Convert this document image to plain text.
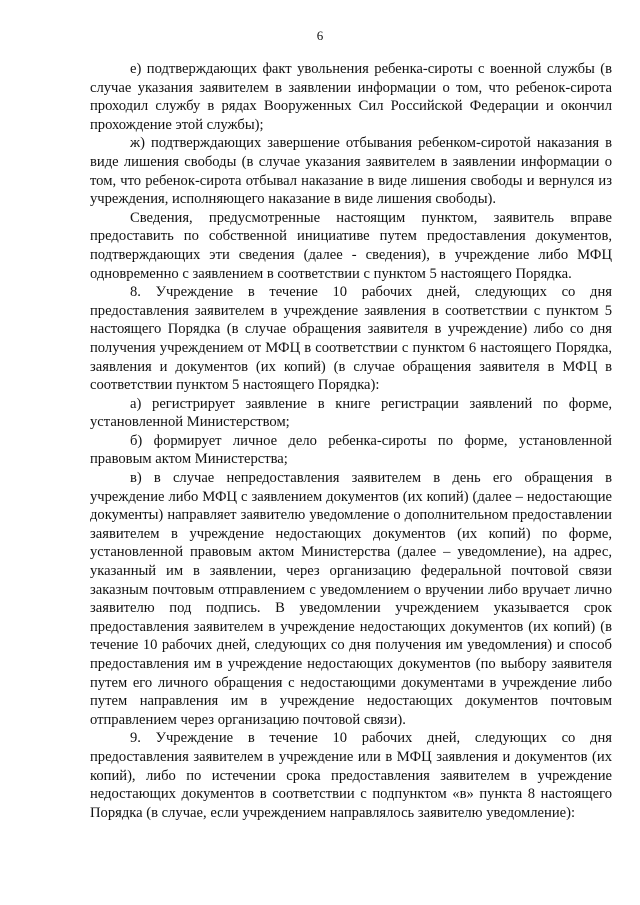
6

е) подтверждающих факт увольнения ребенка-сироты с военной службы (в случае указания заявителем в заявлении информации о том, что ребенок-сирота проходил службу в рядах Вооруженных Сил Российской Федерации и окончил прохождение этой службы);

ж) подтверждающих завершение отбывания ребенком-сиротой наказания в виде лишения свободы (в случае указания заявителем в заявлении информации о том, что ребенок-сирота отбывал наказание в виде лишения свободы и вернулся из учреждения, исполняющего наказание в виде лишения свободы).

Сведения, предусмотренные настоящим пунктом, заявитель вправе предоставить по собственной инициативе путем предоставления документов, подтверждающих эти сведения (далее - сведения), в учреждение либо МФЦ одновременно с заявлением в соответствии с пунктом 5 настоящего Порядка.

8. Учреждение в течение 10 рабочих дней, следующих со дня предоставления заявителем в учреждение заявления в соответствии с пунктом 5 настоящего Порядка (в случае обращения заявителя в учреждение) либо со дня получения учреждением от МФЦ в соответствии с пунктом 6 настоящего Порядка, заявления и документов (их копий) (в случае обращения заявителя в МФЦ в соответствии пунктом 5 настоящего Порядка):

а) регистрирует заявление в книге регистрации заявлений по форме, установленной Министерством;

б) формирует личное дело ребенка-сироты по форме, установленной правовым актом Министерства;

в) в случае непредоставления заявителем в день его обращения в учреждение либо МФЦ с заявлением документов (их копий) (далее – недостающие документы) направляет заявителю уведомление о дополнительном предоставлении заявителем в учреждение недостающих документов (их копий) по форме, установленной правовым актом Министерства (далее – уведомление), на адрес, указанный им в заявлении, через организацию федеральной почтовой связи заказным почтовым отправлением с уведомлением о вручении либо вручает лично заявителю под подпись. В уведомлении учреждением указывается срок предоставления заявителем в учреждение недостающих документов (их копий) (в течение 10 рабочих дней, следующих со дня получения им уведомления) и способ предоставления им в учреждение недостающих документов (по выбору заявителя путем его личного обращения с недостающими документами в учреждение либо путем направления им в учреждение недостающих документов почтовым отправлением через организацию почтовой связи).

9. Учреждение в течение 10 рабочих дней, следующих со дня предоставления заявителем в учреждение или в МФЦ заявления и документов (их копий), либо по истечении срока предоставления заявителем в учреждение недостающих документов в соответствии с подпунктом «в» пункта 8 настоящего Порядка (в случае, если учреждением направлялось заявителю уведомление):
